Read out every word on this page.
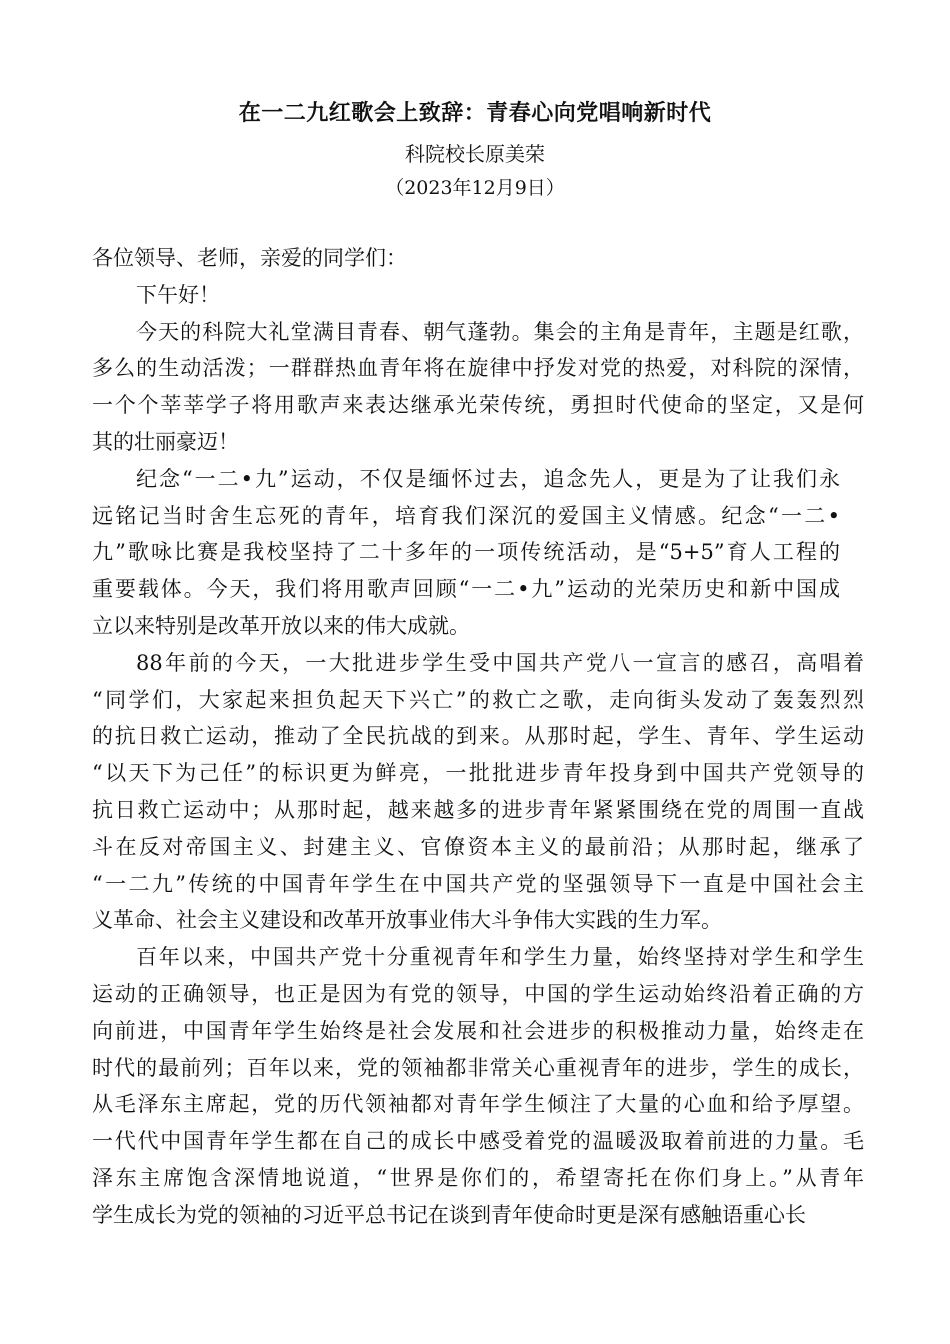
在一二九红歌会上致辞：青春心向党唱响新时代
科院校长原美荣
（2023年12月9日）
各位领导、老师，亲爱的同学们：
下午好！
今天的科院大礼堂满目青春、朝气蓬勃。集会的主角是青年，主题是红歌，
多么的生动活泼；一群群热血青年将在旋律中抒发对党的热爱，对科院的深情，
一个个莘莘学子将用歌声来表达继承光荣传统，勇担时代使命的坚定，又是何
其的壮丽豪迈！
纪念“一二•九”运动，不仅是缅怀过去，追念先人，更是为了让我们永
远铭记当时舍生忘死的青年，培育我们深沉的爱国主义情感。纪念“一二•
九”歌咏比赛是我校坚持了二十多年的一项传统活动，是“5+5”育人工程的
重要载体。今天，我们将用歌声回顾“一二•九”运动的光荣历史和新中国成
立以来特别是改革开放以来的伟大成就。
88年前的今天，一大批进步学生受中国共产党八一宣言的感召，高唱着
“同学们，大家起来担负起天下兴亡”的救亡之歌，走向街头发动了轰轰烈烈
的抗日救亡运动，推动了全民抗战的到来。从那时起，学生、青年、学生运动
“以天下为己任”的标识更为鲜亮，一批批进步青年投身到中国共产党领导的
抗日救亡运动中；从那时起，越来越多的进步青年紧紧围绕在党的周围一直战
斗在反对帝国主义、封建主义、官僚资本主义的最前沿；从那时起，继承了
“一二九”传统的中国青年学生在中国共产党的坚强领导下一直是中国社会主
义革命、社会主义建设和改革开放事业伟大斗争伟大实践的生力军。
百年以来，中国共产党十分重视青年和学生力量，始终坚持对学生和学生
运动的正确领导，也正是因为有党的领导，中国的学生运动始终沿着正确的方
向前进，中国青年学生始终是社会发展和社会进步的积极推动力量，始终走在
时代的最前列；百年以来，党的领袖都非常关心重视青年的进步，学生的成长，
从毛泽东主席起，党的历代领袖都对青年学生倾注了大量的心血和给予厚望。
一代代中国青年学生都在自己的成长中感受着党的温暖汲取着前进的力量。毛
泽东主席饱含深情地说道，“世界是你们的，希望寄托在你们身上。”从青年
学生成长为党的领袖的习近平总书记在谈到青年使命时更是深有感触语重心长
